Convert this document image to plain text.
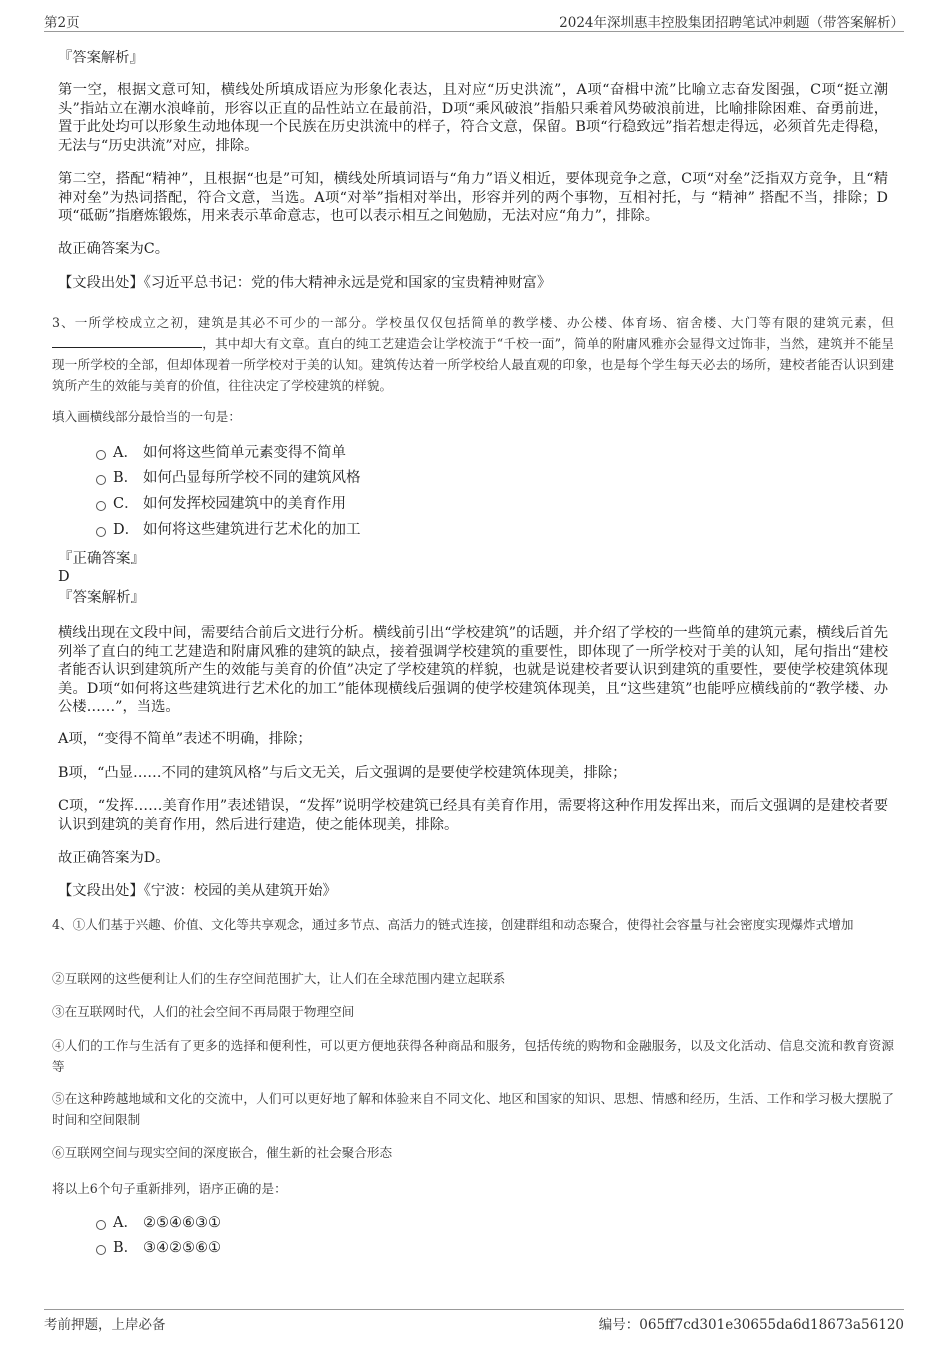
第2页	2024年深圳惠丰控股集团招聘笔试冲刺题（带答案解析）
『答案解析』

第一空，根据文意可知，横线处所填成语应为形象化表达，且对应“历史洪流”，A项“奋楫中流”比喻立志奋发图强，C项“挺立潮头”指站立在潮水浪峰前，形容以正直的品性站立在最前沿，D项“乘风破浪”指船只乘着风势破浪前进，比喻排除困难、奋勇前进，置于此处均可以形象生动地体现一个民族在历史洪流中的样子，符合文意，保留。B项“行稳致远”指若想走得远，必须首先走得稳，无法与“历史洪流”对应，排除。

第二空，搭配“精神”，且根据“也是”可知，横线处所填词语与“角力”语义相近，要体现竞争之意，C项“对垒”泛指双方竞争，且“精神对垒”为热词搭配，符合文意，当选。A项“对举”指相对举出，形容并列的两个事物，互相衬托，与 “精神” 搭配不当，排除；D项“砥砺”指磨炼锻炼，用来表示革命意志，也可以表示相互之间勉励，无法对应“角力”，排除。

故正确答案为C。
【文段出处】《习近平总书记：党的伟大精神永远是党和国家的宝贵精神财富》

3、一所学校成立之初，建筑是其必不可少的一部分。学校虽仅仅包括简单的教学楼、办公楼、体育场、宿舍楼、大门等有限的建筑元素，但，其中却大有文章。直白的纯工艺建造会让学校流于“千校一面”，简单的附庸风雅亦会显得文过饰非，当然，建筑并不能呈现一所学校的全部，但却体现着一所学校对于美的认知。建筑传达着一所学校给人最直观的印象，也是每个学生每天必去的场所，建校者能否认识到建筑所产生的效能与美育的价值，往往决定了学校建筑的样貌。

填入画横线部分最恰当的一句是：
A． 如何将这些简单元素变得不简单
B． 如何凸显每所学校不同的建筑风格
C． 如何发挥校园建筑中的美育作用
D． 如何将这些建筑进行艺术化的加工
『正确答案』
D
『答案解析』

横线出现在文段中间，需要结合前后文进行分析。横线前引出“学校建筑”的话题，并介绍了学校的一些简单的建筑元素，横线后首先列举了直白的纯工艺建造和附庸风雅的建筑的缺点，接着强调学校建筑的重要性，即体现了一所学校对于美的认知，尾句指出“建校者能否认识到建筑所产生的效能与美育的价值”决定了学校建筑的样貌，也就是说建校者要认识到建筑的重要性，要使学校建筑体现美。D项“如何将这些建筑进行艺术化的加工”能体现横线后强调的使学校建筑体现美，且“这些建筑”也能呼应横线前的“教学楼、办公楼……”，当选。

A项，“变得不简单”表述不明确，排除；

B项，“凸显……不同的建筑风格”与后文无关，后文强调的是要使学校建筑体现美，排除；

C项，“发挥……美育作用”表述错误，“发挥”说明学校建筑已经具有美育作用，需要将这种作用发挥出来，而后文强调的是建校者要认识到建筑的美育作用，然后进行建造，使之能体现美，排除。

故正确答案为D。
【文段出处】《宁波：校园的美从建筑开始》

4、①人们基于兴趣、价值、文化等共享观念，通过多节点、高活力的链式连接，创建群组和动态聚合，使得社会容量与社会密度实现爆炸式增加

②互联网的这些便利让人们的生存空间范围扩大，让人们在全球范围内建立起联系

③在互联网时代，人们的社会空间不再局限于物理空间

④人们的工作与生活有了更多的选择和便利性，可以更方便地获得各种商品和服务，包括传统的购物和金融服务，以及文化活动、信息交流和教育资源等

⑤在这种跨越地域和文化的交流中，人们可以更好地了解和体验来自不同文化、地区和国家的知识、思想、情感和经历，生活、工作和学习极大摆脱了时间和空间限制

⑥互联网空间与现实空间的深度嵌合，催生新的社会聚合形态

将以上6个句子重新排列，语序正确的是：
A． ②⑤④⑥③①
B． ③④②⑤⑥①
考前押题，上岸必备	编号：065ff7cd301e30655da6d18673a56120
